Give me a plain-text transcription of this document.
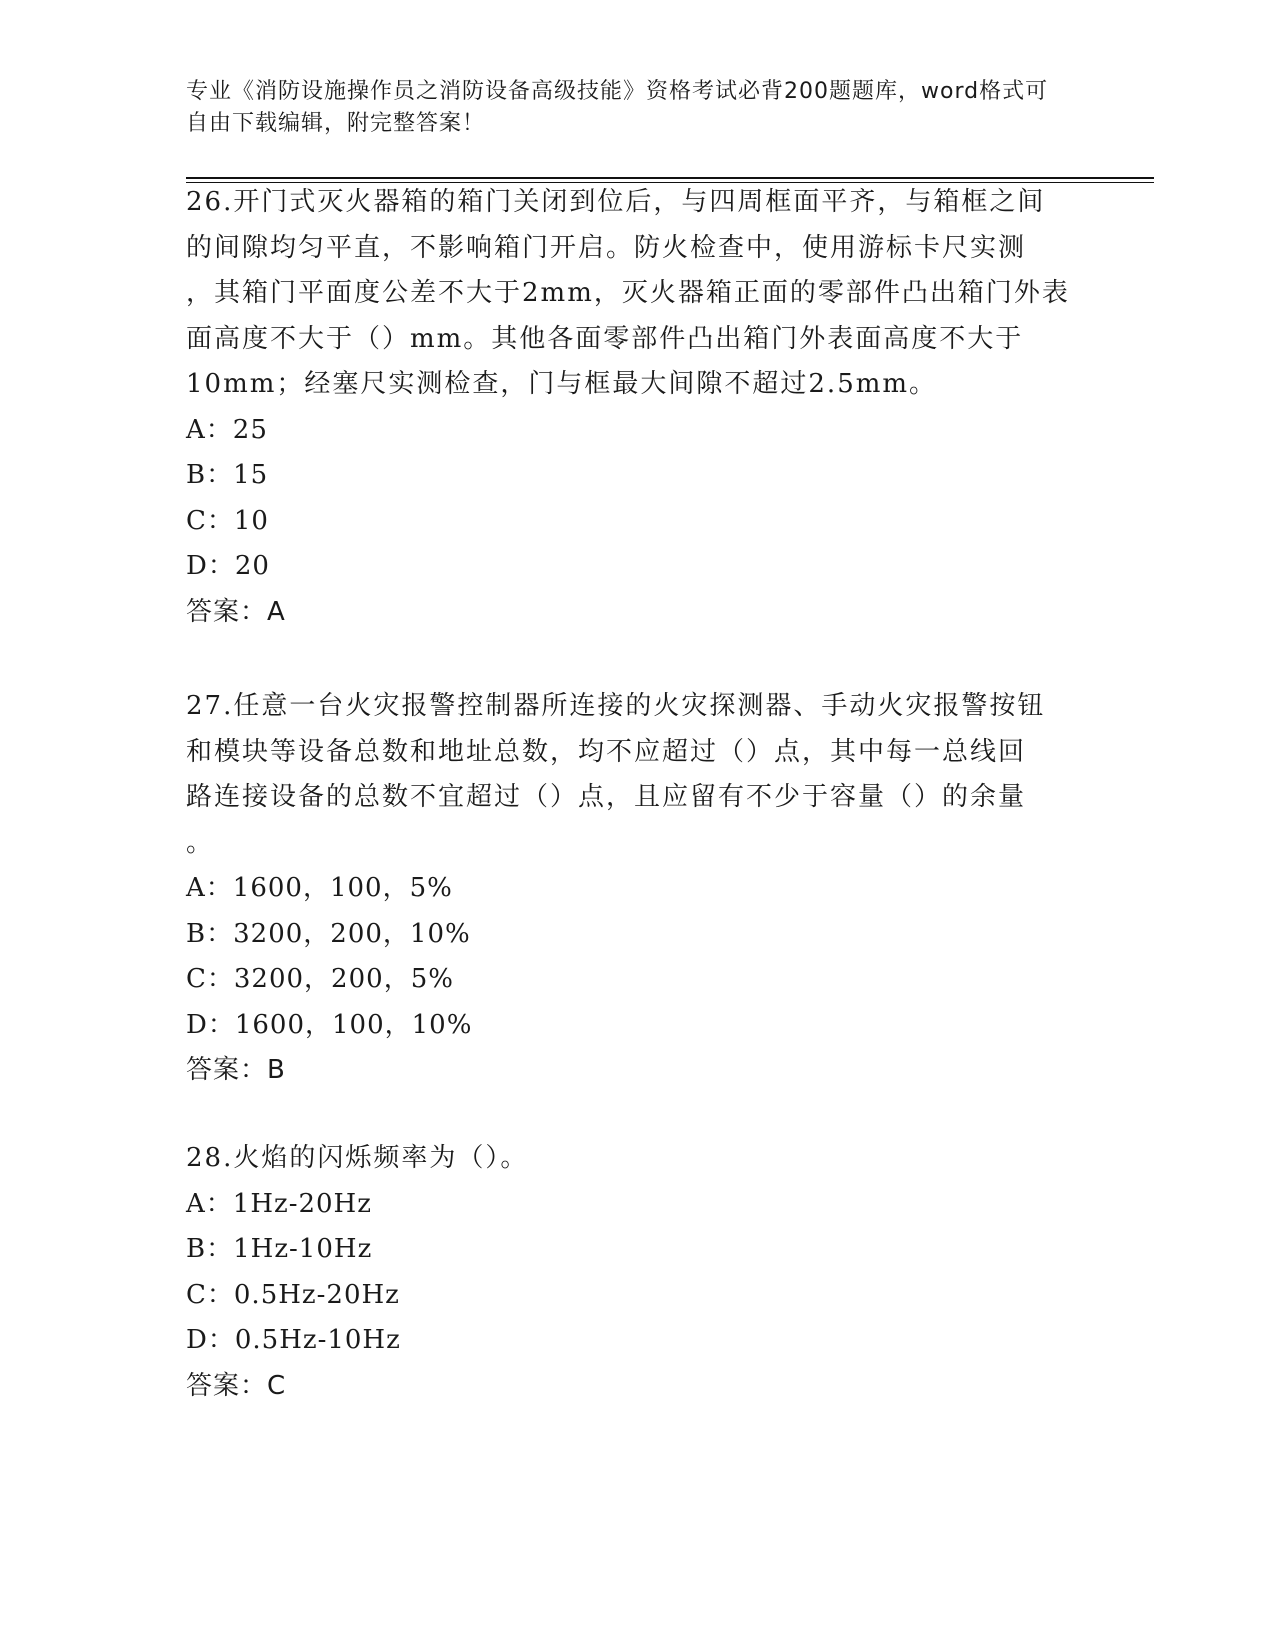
专业《消防设施操作员之消防设备高级技能》资格考试必背200题题库，word格式可自由下载编辑，附完整答案！

26.开门式灭火器箱的箱门关闭到位后，与四周框面平齐，与箱框之间

的间隙均匀平直，不影响箱门开启。防火检查中，使用游标卡尺实测

，其箱门平面度公差不大于2mm，灭火器箱正面的零部件凸出箱门外表

面高度不大于（）mm。其他各面零部件凸出箱门外表面高度不大于

10mm；经塞尺实测检查，门与框最大间隙不超过2.5mm。

A：25

B：15

C：10

D：20

答案：A

27.任意一台火灾报警控制器所连接的火灾探测器、手动火灾报警按钮

和模块等设备总数和地址总数，均不应超过（）点，其中每一总线回

路连接设备的总数不宜超过（）点，且应留有不少于容量（）的余量

。

A：1600，100，5%

B：3200，200，10%

C：3200，200，5%

D：1600，100，10%

答案：B

28.火焰的闪烁频率为（）。

A：1Hz-20Hz

B：1Hz-10Hz

C：0.5Hz-20Hz

D：0.5Hz-10Hz

答案：C
